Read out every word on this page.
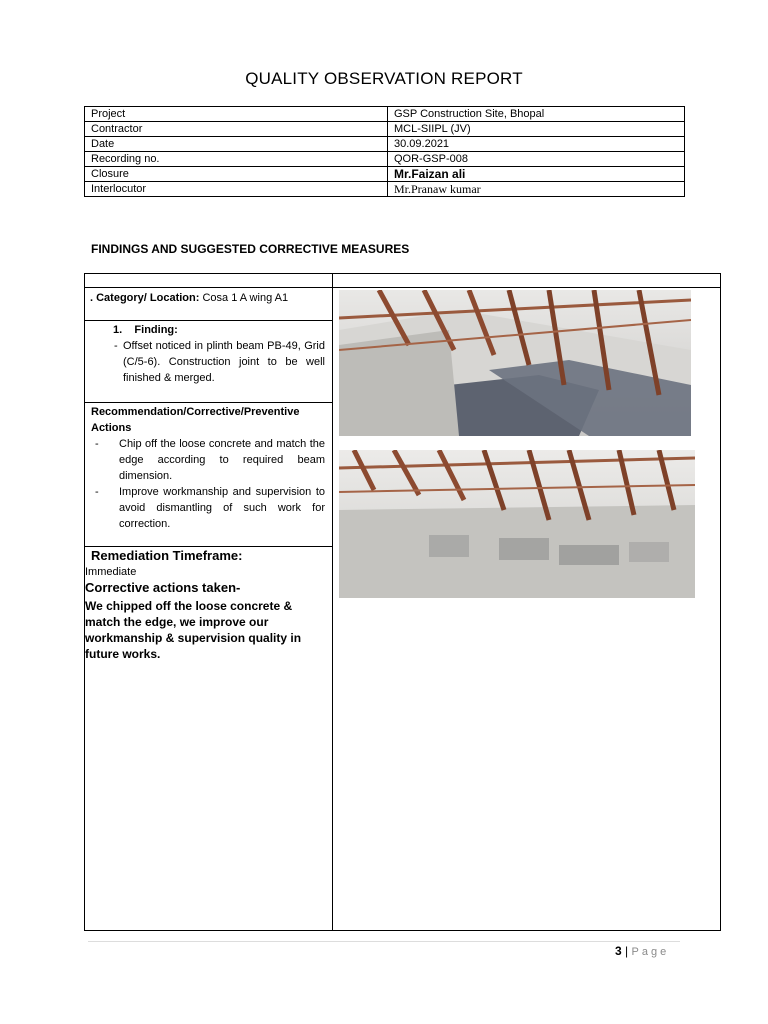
QUALITY OBSERVATION REPORT
Project	GSP Construction Site, Bhopal
Contractor	MCL-SIIPL (JV)
Date	30.09.2021
Recording no.	QOR-GSP-008
Closure	Mr.Faizan ali
Interlocutor	Mr.Pranaw kumar
FINDINGS AND SUGGESTED CORRECTIVE MEASURES
. Category/ Location: Cosa 1 A wing A1
1. Finding:
- Offset noticed in plinth beam PB-49, Grid (C/5-6). Construction joint to be well finished & merged.
Recommendation/Corrective/Preventive Actions
- Chip off the loose concrete and match the edge according to required beam dimension.
- Improve workmanship and supervision to avoid dismantling of such work for correction.
Remediation Timeframe:
Immediate
Corrective actions taken-
We chipped off the loose concrete & match the edge, we improve our workmanship & supervision quality in future works.
3 | Page
